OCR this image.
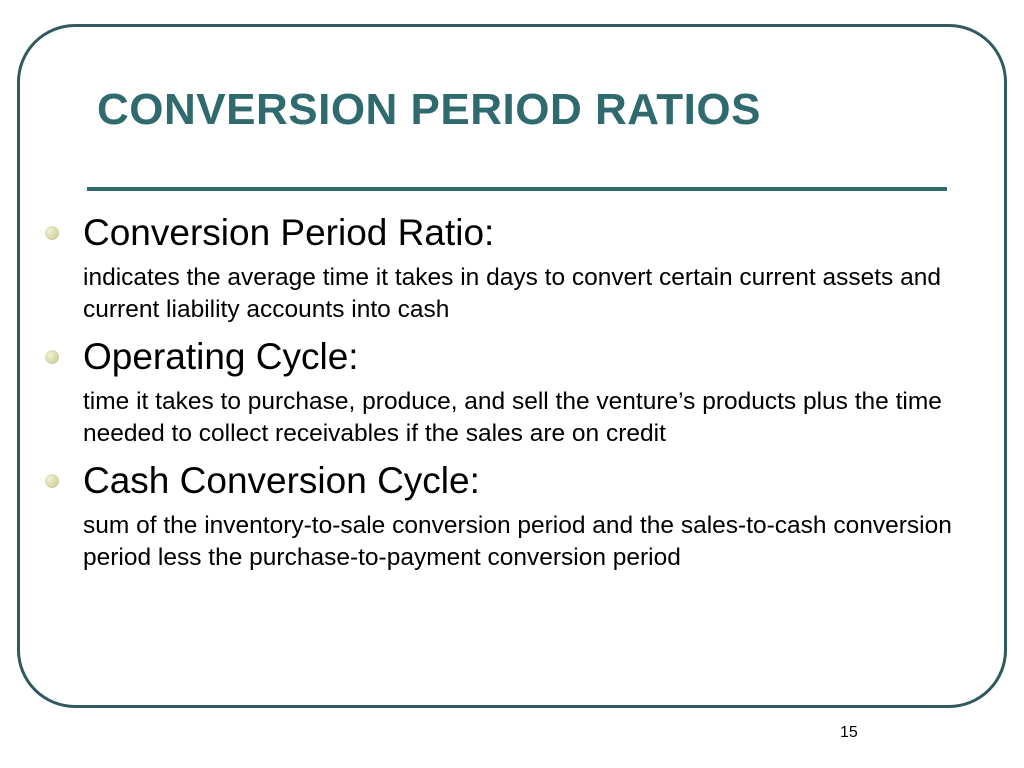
CONVERSION PERIOD RATIOS
Conversion Period Ratio:
indicates the average time it takes in days to convert certain current assets and current liability accounts into cash
Operating Cycle:
time it takes to purchase, produce, and sell the venture’s products plus the time needed to collect receivables if the sales are on credit
Cash Conversion Cycle:
sum of the inventory-to-sale conversion period and the sales-to-cash conversion period less the purchase-to-payment conversion period
15
